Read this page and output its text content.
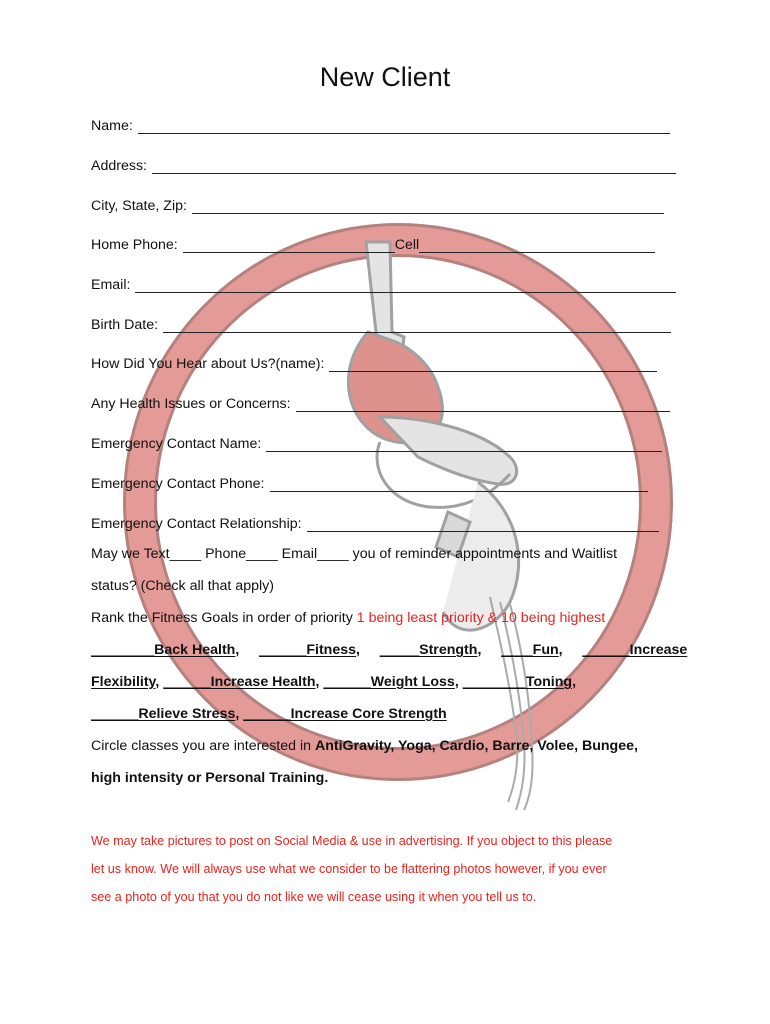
New Client
Name:
Address:
City, State, Zip:
Home Phone:	Cell
Email:
Birth Date:
How Did You Hear about Us?(name):
Any Health Issues or Concerns:
Emergency Contact Name:
Emergency Contact Phone:
Emergency Contact Relationship:
May we Text____ Phone____ Email____ you of reminder appointments and Waitlist
status? (Check all that apply)
Rank the Fitness Goals in order of priority 1 being least priority & 10 being highest
________Back Health,     ______Fitness,     _____Strength,     ____Fun,     ______Increase
Flexibility, ______Increase Health, ______Weight Loss, ________Toning,
______Relieve Stress, ______Increase Core Strength
Circle classes you are interested in AntiGravity, Yoga, Cardio, Barre, Volee, Bungee,
high intensity or Personal Training.
We may take pictures to post on Social Media & use in advertising. If you object to this please
let us know. We will always use what we consider to be flattering photos however, if you ever
see a photo of you that you do not like we will cease using it when you tell us to.
